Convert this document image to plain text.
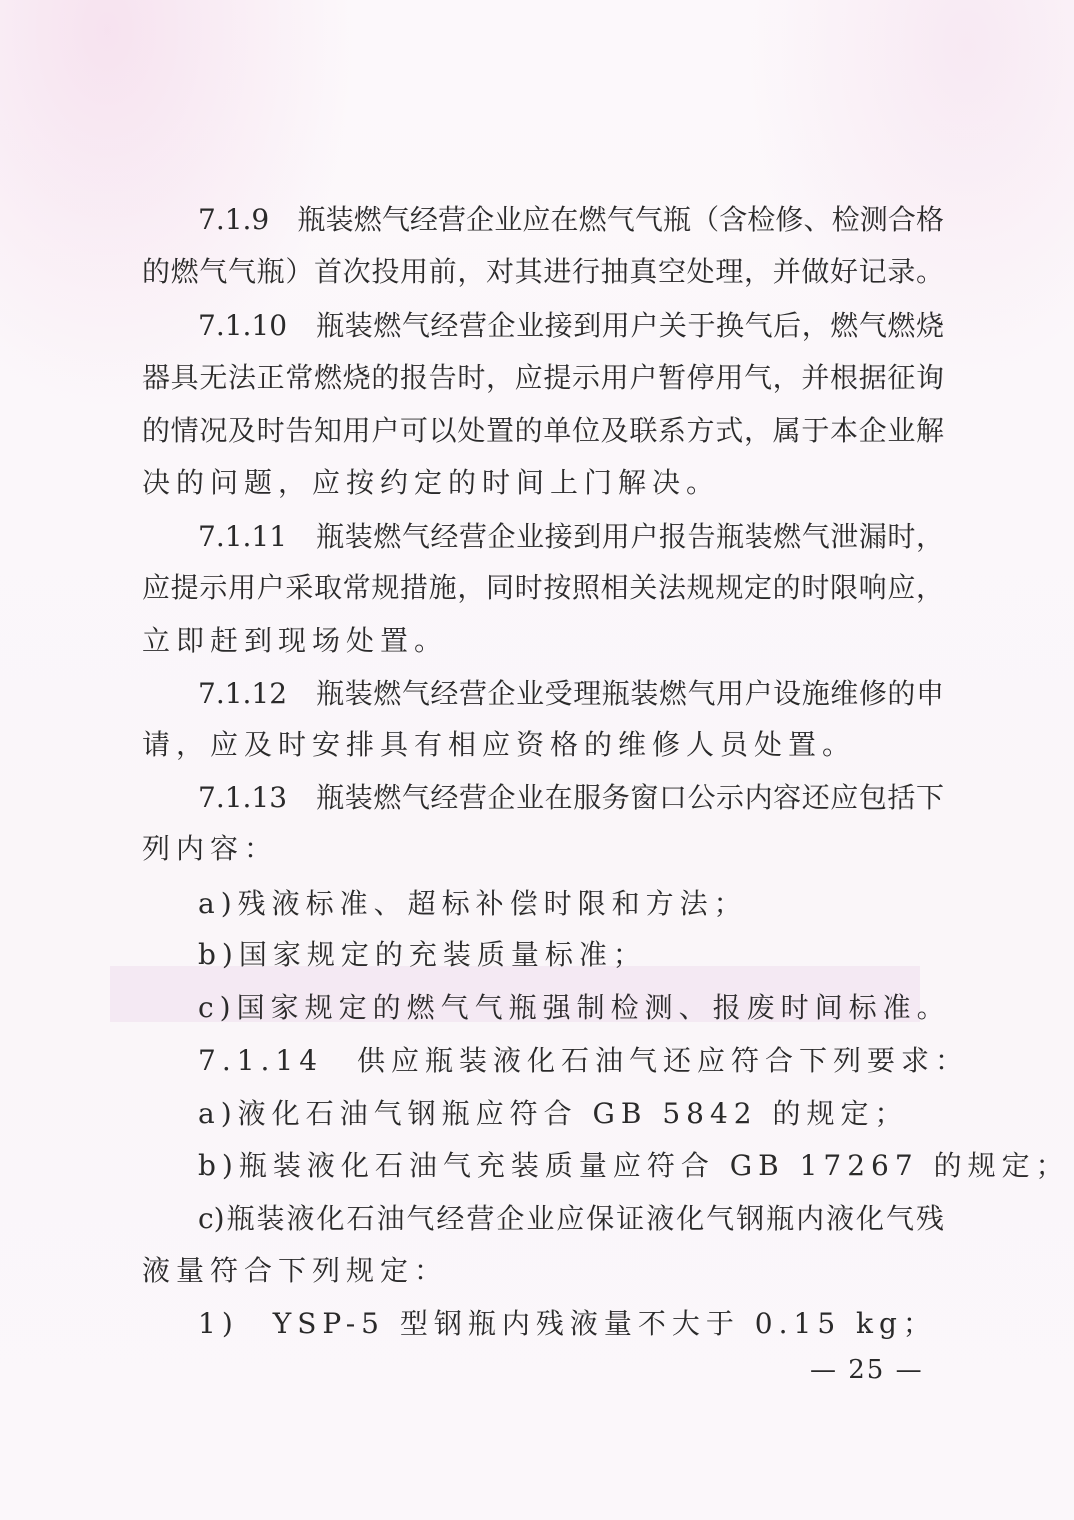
7.1.9　瓶装燃气经营企业应在燃气气瓶（含检修、检测合格
的燃气气瓶）首次投用前，对其进行抽真空处理，并做好记录。
7.1.10　瓶装燃气经营企业接到用户关于换气后，燃气燃烧
器具无法正常燃烧的报告时，应提示用户暂停用气，并根据征询
的情况及时告知用户可以处置的单位及联系方式，属于本企业解
决的问题，应按约定的时间上门解决。
7.1.11　瓶装燃气经营企业接到用户报告瓶装燃气泄漏时，
应提示用户采取常规措施，同时按照相关法规规定的时限响应，
立即赶到现场处置。
7.1.12　瓶装燃气经营企业受理瓶装燃气用户设施维修的申
请，应及时安排具有相应资格的维修人员处置。
7.1.13　瓶装燃气经营企业在服务窗口公示内容还应包括下
列内容：
a)残液标准、超标补偿时限和方法；
b)国家规定的充装质量标准；
c)国家规定的燃气气瓶强制检测、报废时间标准。
7.1.14　供应瓶装液化石油气还应符合下列要求：
a)液化石油气钢瓶应符合 GB 5842 的规定；
b)瓶装液化石油气充装质量应符合 GB 17267 的规定；
c)瓶装液化石油气经营企业应保证液化气钢瓶内液化气残
液量符合下列规定：
1)　YSP-5 型钢瓶内残液量不大于 0.15 kg；
— 25 —
